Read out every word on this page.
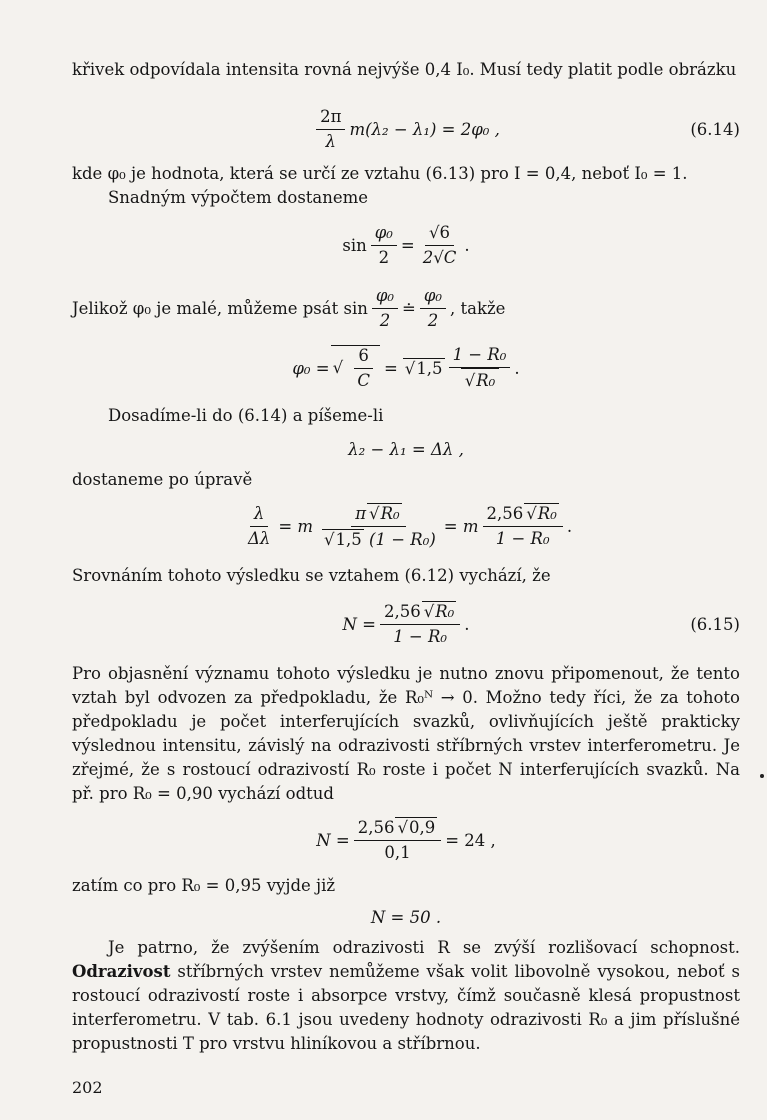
křivek odpovídala intensita rovná nejvýše 0,4 I₀. Musí tedy platit podle obrázku
$\frac{2\pi}{\lambda} m(\lambda_2 - \lambda_1) = 2\varphi_0$ ,	(6.14)
kde φ₀ je hodnota, která se určí ze vztahu (6.13) pro I = 0,4, neboť I₀ = 1.
Snadným výpočtem dostaneme
$\sin \frac{\text{φ₀}}{2} = \frac{√6}{2√C}$ .
Jelikož φ₀ je malé, můžeme psát $\sin \frac{\text{φ₀}}{2}$ ≐ $\frac{\text{φ₀}}{2}$ , takže
φ₀ =
√ $\frac{6}{C}$ =	√ 1,5 1 − R₀
√ R₀ .
Dosadíme-li do (6.14) a píšeme-li
λ₂ − λ₁ = Δλ ,
dostaneme po úpravě
$\frac{\lambda}{\Delta\lambda} = m$ π √ R₀
√ 1,5 (1 − R₀) = m $\frac{\text{2,56 √ R₀}}{\text{1 − R₀}}$ .
Srovnáním tohoto výsledku se vztahem (6.12) vychází, že
$N = \frac{\text{2,56 √ R₀}}{\text{1 − R₀}}$ .	(6.15)
Pro objasnění významu tohoto výsledku je nutno znovu připomenout, že tento vztah byl odvozen za předpokladu, že R₀ᴺ → 0. Možno tedy říci, že za tohoto předpokladu je počet interferujících svazků, ovlivňujících ještě prakticky výslednou intensitu, závislý na odrazivosti stříbrných vrstev interferometru. Je zřejmé, že s rostoucí odrazivostí R₀ roste i počet N interferujících svazků. Na př. pro R₀ = 0,90 vychází odtud
$N = \frac{2,56 √ 0,9}{0,1} = 24$ ,
zatím co pro R₀ = 0,95 vyjde již
N = 50 .
Je patrno, že zvýšením odrazivosti R se zvýší rozlišovací schopnost. Odrazivost stříbrných vrstev nemůžeme však volit libovolně vysokou, neboť s rostoucí odrazivostí roste i absorpce vrstvy, čímž současně klesá propustnost interferometru. V tab. 6.1 jsou uvedeny hodnoty odrazivosti R₀ a jim příslušné propustnosti T pro vrstvu hliníkovou a stříbrnou.
202
